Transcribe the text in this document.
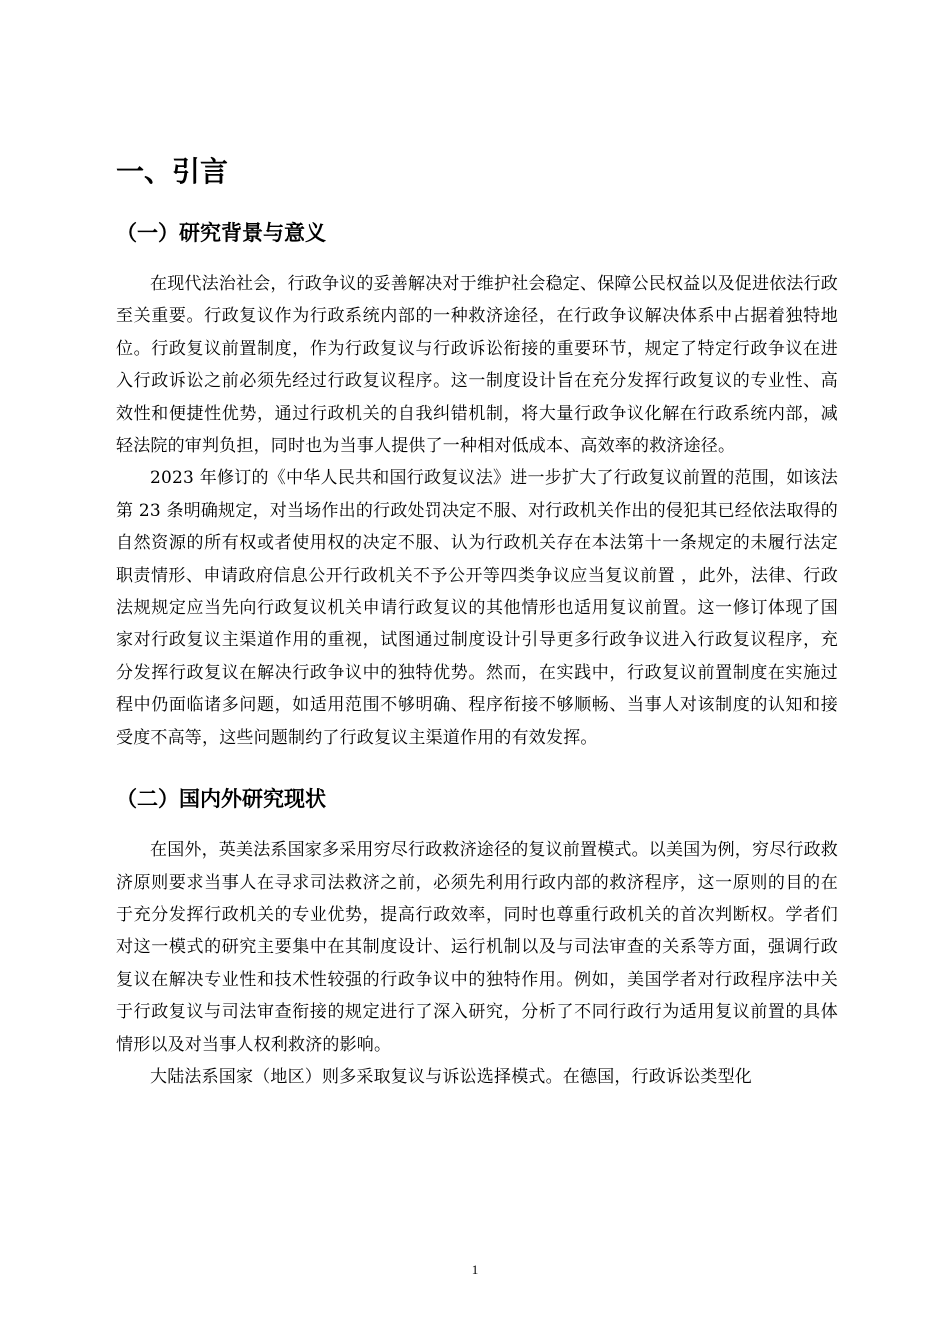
一、引言
（一）研究背景与意义

在现代法治社会，行政争议的妥善解决对于维护社会稳定、保障公民权益以及促进依法行政至关重要。行政复议作为行政系统内部的一种救济途径，在行政争议解决体系中占据着独特地位。行政复议前置制度，作为行政复议与行政诉讼衔接的重要环节，规定了特定行政争议在进入行政诉讼之前必须先经过行政复议程序。这一制度设计旨在充分发挥行政复议的专业性、高效性和便捷性优势，通过行政机关的自我纠错机制，将大量行政争议化解在行政系统内部，减轻法院的审判负担，同时也为当事人提供了一种相对低成本、高效率的救济途径。

2023 年修订的《中华人民共和国行政复议法》进一步扩大了行政复议前置的范围，如该法第 23 条明确规定，对当场作出的行政处罚决定不服、对行政机关作出的侵犯其已经依法取得的自然资源的所有权或者使用权的决定不服、认为行政机关存在本法第十一条规定的未履行法定职责情形、申请政府信息公开行政机关不予公开等四类争议应当复议前置 ，此外，法律、行政法规规定应当先向行政复议机关申请行政复议的其他情形也适用复议前置。这一修订体现了国家对行政复议主渠道作用的重视，试图通过制度设计引导更多行政争议进入行政复议程序，充分发挥行政复议在解决行政争议中的独特优势。然而，在实践中，行政复议前置制度在实施过程中仍面临诸多问题，如适用范围不够明确、程序衔接不够顺畅、当事人对该制度的认知和接受度不高等，这些问题制约了行政复议主渠道作用的有效发挥。

（二）国内外研究现状

在国外，英美法系国家多采用穷尽行政救济途径的复议前置模式。以美国为例，穷尽行政救济原则要求当事人在寻求司法救济之前，必须先利用行政内部的救济程序，这一原则的目的在于充分发挥行政机关的专业优势，提高行政效率，同时也尊重行政机关的首次判断权。学者们对这一模式的研究主要集中在其制度设计、运行机制以及与司法审查的关系等方面，强调行政复议在解决专业性和技术性较强的行政争议中的独特作用。例如，美国学者对行政程序法中关于行政复议与司法审查衔接的规定进行了深入研究，分析了不同行政行为适用复议前置的具体情形以及对当事人权利救济的影响。

大陆法系国家（地区）则多采取复议与诉讼选择模式。在德国，行政诉讼类型化

1
